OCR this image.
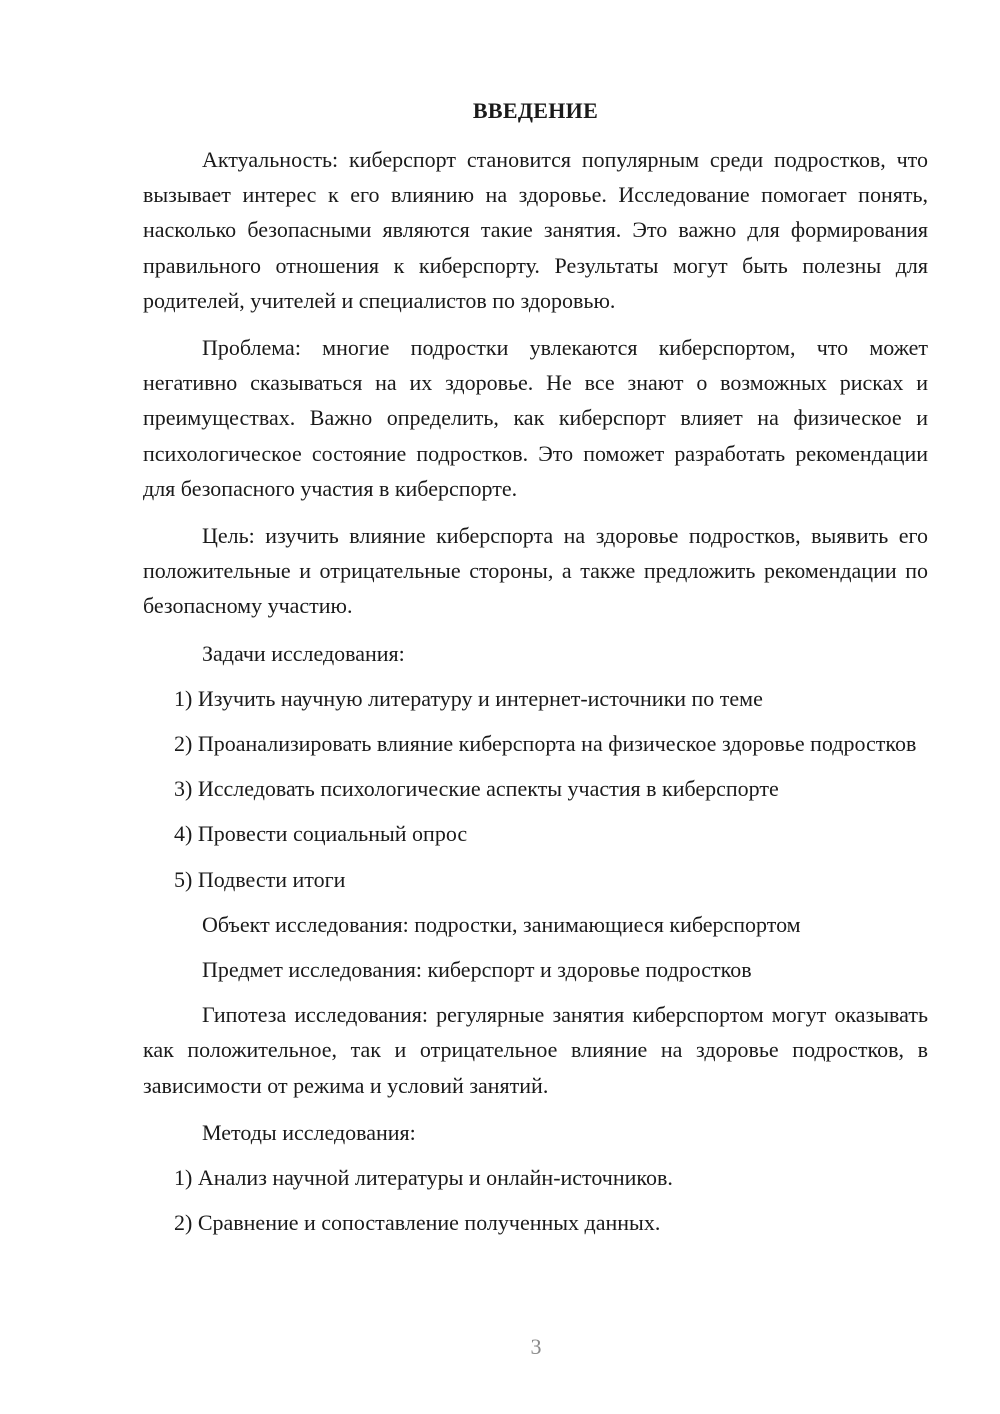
ВВЕДЕНИЕ

Актуальность: киберспорт становится популярным среди подростков, что вызывает интерес к его влиянию на здоровье. Исследование помогает понять, насколько безопасными являются такие занятия. Это важно для формирования правильного отношения к киберспорту. Результаты могут быть полезны для родителей, учителей и специалистов по здоровью.

Проблема: многие подростки увлекаются киберспортом, что может негативно сказываться на их здоровье. Не все знают о возможных рисках и преимуществах. Важно определить, как киберспорт влияет на физическое и психологическое состояние подростков. Это поможет разработать рекомендации для безопасного участия в киберспорте.

Цель: изучить влияние киберспорта на здоровье подростков, выявить его положительные и отрицательные стороны, а также предложить рекомендации по безопасному участию.

Задачи исследования:

1) Изучить научную литературу и интернет-источники по теме

2) Проанализировать влияние киберспорта на физическое здоровье подростков

3) Исследовать психологические аспекты участия в киберспорте

4) Провести социальный опрос

5) Подвести итоги

Объект исследования: подростки, занимающиеся киберспортом

Предмет исследования: киберспорт и здоровье подростков

Гипотеза исследования: регулярные занятия киберспортом могут оказывать как положительное, так и отрицательное влияние на здоровье подростков, в зависимости от режима и условий занятий.

Методы исследования:

1) Анализ научной литературы и онлайн-источников.

2) Сравнение и сопоставление полученных данных.

3
